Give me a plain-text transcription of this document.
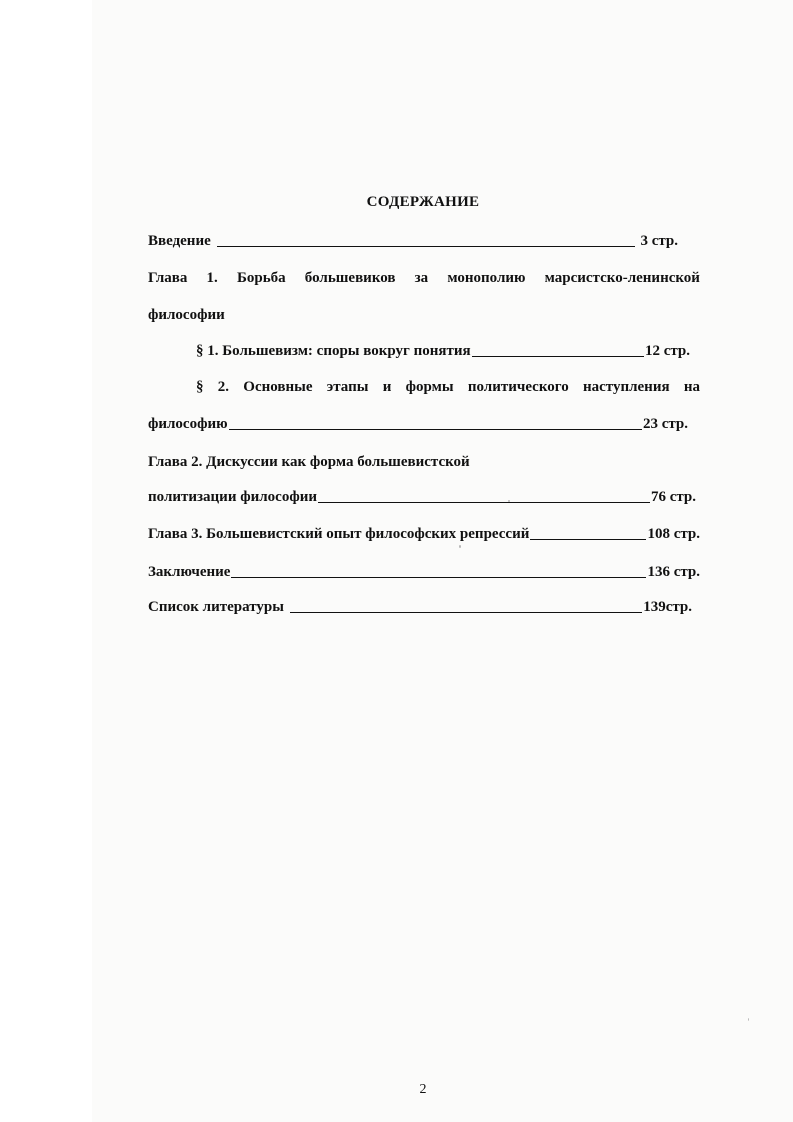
СОДЕРЖАНИЕ
Введение	3 стр.
Глава 1. Борьба большевиков за монополию марсистско-ленинской
философии
§ 1. Большевизм: споры вокруг понятия	12 стр.
§ 2. Основные этапы и формы политического наступления на
философию	23 стр.
Глава 2. Дискуссии как форма большевистской
политизации философии	76 стр.
Глава 3. Большевистский опыт философских репрессий	108 стр.
Заключение	136 стр.
Список литературы	139стр.
2
